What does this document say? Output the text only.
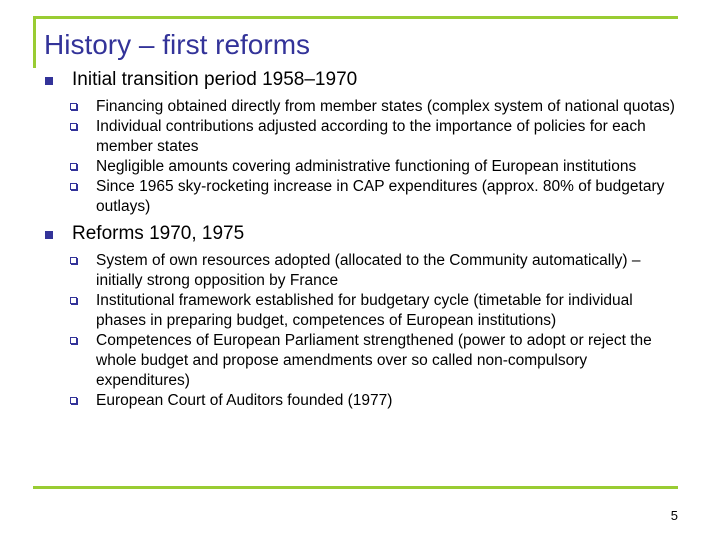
History – first reforms
Initial transition period 1958–1970
Financing obtained directly from member states (complex system of national quotas)
Individual contributions adjusted according to the importance of policies for each member states
Negligible amounts covering administrative functioning of European institutions
Since 1965 sky-rocketing increase in CAP expenditures (approx. 80% of budgetary outlays)
Reforms 1970, 1975
System of own resources adopted (allocated to the Community automatically) – initially strong opposition by France
Institutional framework established for budgetary cycle (timetable for individual phases in preparing budget, competences of European institutions)
Competences of European Parliament strengthened (power to adopt or reject the whole budget and propose amendments over so called non-compulsory expenditures)
European Court of Auditors founded (1977)
5
